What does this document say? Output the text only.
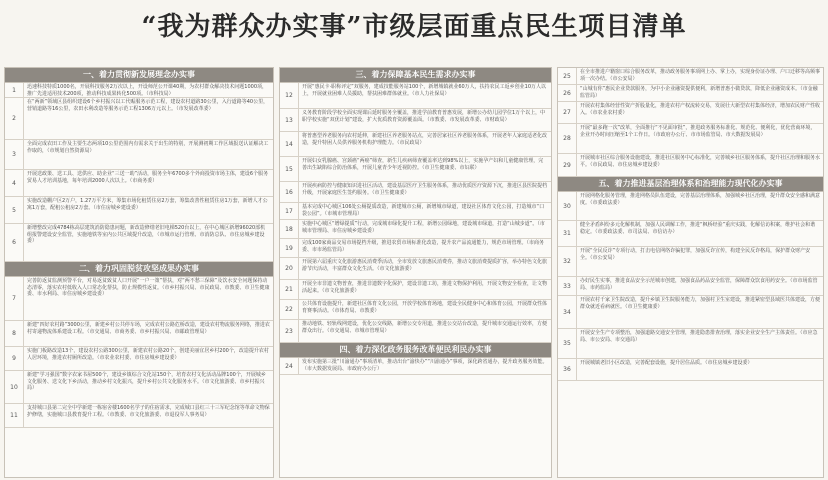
“我为群众办实事”市级层面重点民生项目清单
一、着力贯彻新发展理念办实事
1	迅速科技特质1000名，开展科技服务2万次以上，开设师范公开课40期，为农村群众解决技术问题1000项，推广先进适用技术200项，推动科技成果转化500项。（市科技局）
2
在“两新”领域区县组织建设6个乡村振兴以工代赈服务示范工程，建设农村道路30公里，入行道路等40公里，营销道路等16公里，农田水利改造等服务示范工程1306万元以上。（市发展改革委）
3
全面完成农田工作及主要生态两项10公里范围内有需求关于出生的特别，开展测初期工作区域报送认证解决工作取的，（市规划自然资源局）
4
开展送政策、送工具、送供应、助企业“三送一助”活动，服务全年6700多个外商投资市场主体，建设6个服务贸易人才培训基地，每年培训2000人次以上。（市商务委）
5
实施改造棚户区2万户，1.27万平方米，筹集市场化租赁住房2万套，筹集改善性租赁住房1万套，新增人才公寓1万套，配租公租房2万套。（市住房城乡建设委）
6
新增整改完成4784栋高层建筑消防隐患问题，新改造修缮老旧电梯520台以上，在中心城区新增96020部机组报警建设安全监管，实施地铁等室内公共区域提升改造，（市城市运行管理、市消防总队、市住房城乡建设委）
二、着力巩固脱贫攻坚成果办实事
7
完善防返贫监测预警平台，对易返贫致贫人口开展“一户一策”帮扶，对“两不愁三保障”及饮水安全问题保持动态清零，落实农村低收入人口常态化帮扶，防止规模性返贫。（市乡村振兴局、市民政局、市教委、市卫生健康委、市水利局、市住房城乡建设委）
8
新建“四好农村路”3000公里，新建乡村公共停车场，完成农村公路危桥改造，建设农村物流服务网络，推进农村寄递物流体系建设工程。（市交通局、市商务委、市乡村振兴局、市邮政管理局）
9
实施门板路改造13个，建设农村公路300公里，新建农村公路20个，创建美丽宜居乡村200个，改造提升农村人居环境，推进农村厕所改造。（市农业农村委、市住房城乡建设委）
10
新建“学习强国”数字农家书屋500个，建设乡镇综合文化站150个，培育农村文化活动品牌100个，开展城乡文化服务、送文化下乡活动，推动乡村文化振兴，提升乡村公共文化服务水平。（市文化旅游委、市乡村振兴局）
11
支持城口县第二完全中学新建一栋宿舍楼1600名学子的住宿需求，完成城口县红三十三军纪念馆等革命文物保护修缮，实施城口县教育提升工程。（市教委、市文化旅游委、市退役军人事务局）
三、着力保障基本民生需求办实事
12
开展“惠民卡·职称评定”双服务，建成技能服务站100个，新增城镇就业60万人，扶持农民工返乡创业10万人以上，开展就业困难人员援助，帮扶困难群体就业。（市人力社保局）
13
义务教育阶段学校全面实现课后延时服务全覆盖，推进学前教育普惠发展，新增公办幼儿园学位1万个以上，中职学校实施“双优计划”建设，扩大优质教育资源覆盖面。（市教委、市发展改革委、市财政局）
14
将普惠型养老服务向农村延伸，新建社区养老服务站点，完善居家社区养老服务体系，开展老年人家庭适老化改造，提升特困人员供养服务机构护理能力。（市民政局）
15
开展妇女乳腺癌、宫颈癌“两癌”筛查，新生儿疾病筛查覆盖率达到98%以上，实施孕产妇和儿童健康管理，完善出生缺陷综合防治体系，开展儿童青少年近视防控。（市卫生健康委、市妇联）
16
开展疾病防控与健康知识进社区活动，建设基层医疗卫生服务体系，推动优质医疗资源下沉，推进区县医院提档升级，开展家庭医生签约服务。（市卫生健康委）
17
基本完成中心城区106处公厕提质改造，新建城市公厕，新增城市绿道，建设社区体育文化公园，打造城市“口袋公园”。（市城市管理局）
18
实施中心城区“增绿提质”行动，完成城市绿化提升工程，新增公园绿地，建设城市绿道，打造“山城步道”。（市城市管理局、市住房城乡建设委）
19
完成100家商品交易市场提档升级，推进农贸市场标准化改造，提升农产品流通能力，规范市场管理。（市商务委、市市场监管局）
20
开展第六届重庆文化旅游惠民消费季活动，全市发放文旅惠民消费券，推动文旅消费提质扩容，举办特色文化旅游节庆活动，丰富群众文化生活。（市文化旅游委）
21
开展全市非遗文物普查，推进非遗数字化保护，建设非遗工坊，推进文物保护利用，开展文物安全检查，让文物活起来。（市文化旅游委）
22
公共体育设施提升，新建社区体育文化公园，开放学校体育场地，建设全民健身中心和体育公园，开展群众性体育赛事活动。（市体育局、市教委）
23
推动地铁、轻轨线网建设，优化公交线路，新增公交专用道，推进公交站台改造，提升城市交通运行效率，方便群众出行。（市交通局、市城市管理局）
四、着力深化政务服务改革便民利民办实事
24
发布实施第三批“川渝通办”事项清单，推动出台“渝快办”“川渝通办”事项，深化跨省通办，提升政务服务效能。（市大数据发展局、市政府办公厅）
25
在全市推进户籍窗口综合服务改革，推动政务服务事项网上办、掌上办，实现身份证办理、户口迁移等高频事项一次办结。（市公安局）
26
“山城有你”惠民企业贷款服务，为中小企业融资提供便利，新增普惠小微贷款，降低企业融资成本。（市金融监管局）
27
开展农村集体经营性资产折股量化，推进农村产权流转交易，发展壮大新型农村集体经济，增加农民财产性收入。（市农业农村委）
28
开展“最多跑一次”改革，全面推行“不见面审批”，推进政务服务标准化、规范化、便利化，优化营商环境，企业开办时间压缩至1个工作日。（市政府办公厅、市市场监管局、市大数据发展局）
29
开展城市社区综合服务设施建设，推进社区服务中心标准化，完善城乡社区服务体系，提升社区治理和服务水平。（市民政局、市住房城乡建设委）
五、着力推进基层治理体系和治理能力现代化办实事
30
开展网格化服务管理，推进网格员队伍建设，完善基层治理体系，加强城乡社区治理，提升群众安全感和满意度。（市委政法委）
31
健全矛盾纠纷多元化解机制，加强人民调解工作，推进“枫桥经验”重庆实践，化解信访积案，维护社会和谐稳定。（市委政法委、市司法局、市信访办）
32
开展“全民反诈”专项行动，打击电信网络诈骗犯罪，加强反诈宣传，构建全民反诈格局，保护群众财产安全。（市公安局）
33
办好民生实事，推进食品安全示范城市创建，加强食品药品安全监管，保障群众饮食用药安全。（市市场监管局、市药监局）
34
开展农村千家卫生院改造，提升乡镇卫生院服务能力，加强村卫生室建设，推进紧密型县域医共体建设，方便群众就近看病就医。（市卫生健康委）
35
开展安全生产专项整治，加强道路交通安全管理，推进隐患排查治理，落实企业安全生产主体责任。（市应急局、市公安局、市交通局）
36
开展城镇老旧小区改造，完善配套设施，提升居住品质。（市住房城乡建设委）
